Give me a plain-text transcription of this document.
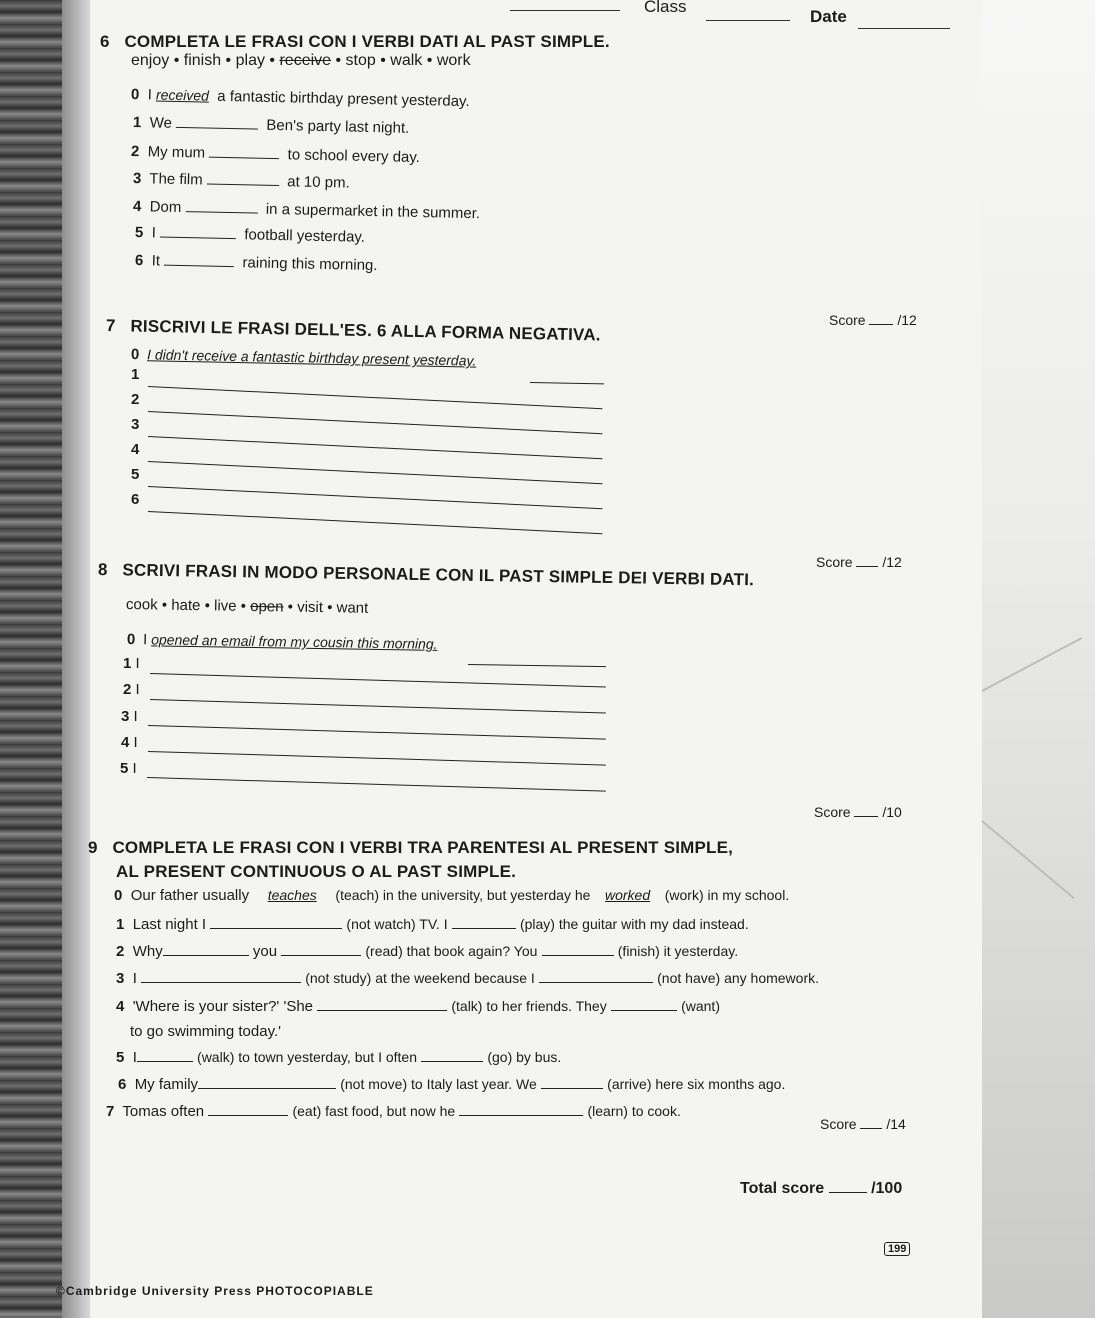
Class
Date
6 COMPLETA LE FRASI CON I VERBI DATI AL PAST SIMPLE.
enjoy • finish • play • receive • stop • walk • work
0 I received a fantastic birthday present yesterday.
1 We	Ben's party last night.
2 My mum	to school every day.
3 The film	at 10 pm.
4 Dom	in a supermarket in the summer.
5 I	football yesterday.
6 It	raining this morning.
Score /12
7 RISCRIVI LE FRASI DELL'ES. 6 ALLA FORMA NEGATIVA.
0 I didn't receive a fantastic birthday present yesterday.
1
2
3
4
5
6
Score /12
8 SCRIVI FRASI IN MODO PERSONALE CON IL PAST SIMPLE DEI VERBI DATI.
cook • hate • live • open • visit • want
0 I opened an email from my cousin this morning.
1 I
2 I
3 I
4 I
5 I
Score /10
9 COMPLETA LE FRASI CON I VERBI TRA PARENTESI AL PRESENT SIMPLE,
AL PRESENT CONTINUOUS O AL PAST SIMPLE.
0 Our father usually teaches (teach) in the university, but yesterday he worked (work) in my school.
1 Last night I	(not watch) TV. I	(play) the guitar with my dad instead.
2 Why	you	(read) that book again? You	(finish) it yesterday.
3 I	(not study) at the weekend because I	(not have) any homework.
4 'Where is your sister?' 'She	(talk) to her friends. They	(want)
to go swimming today.'
5 I	(walk) to town yesterday, but I often	(go) by bus.
6 My family	(not move) to Italy last year. We	(arrive) here six months ago.
7 Tomas often	(eat) fast food, but now he	(learn) to cook.
Score /14
Total score	/100
199
©Cambridge University Press PHOTOCOPIABLE
